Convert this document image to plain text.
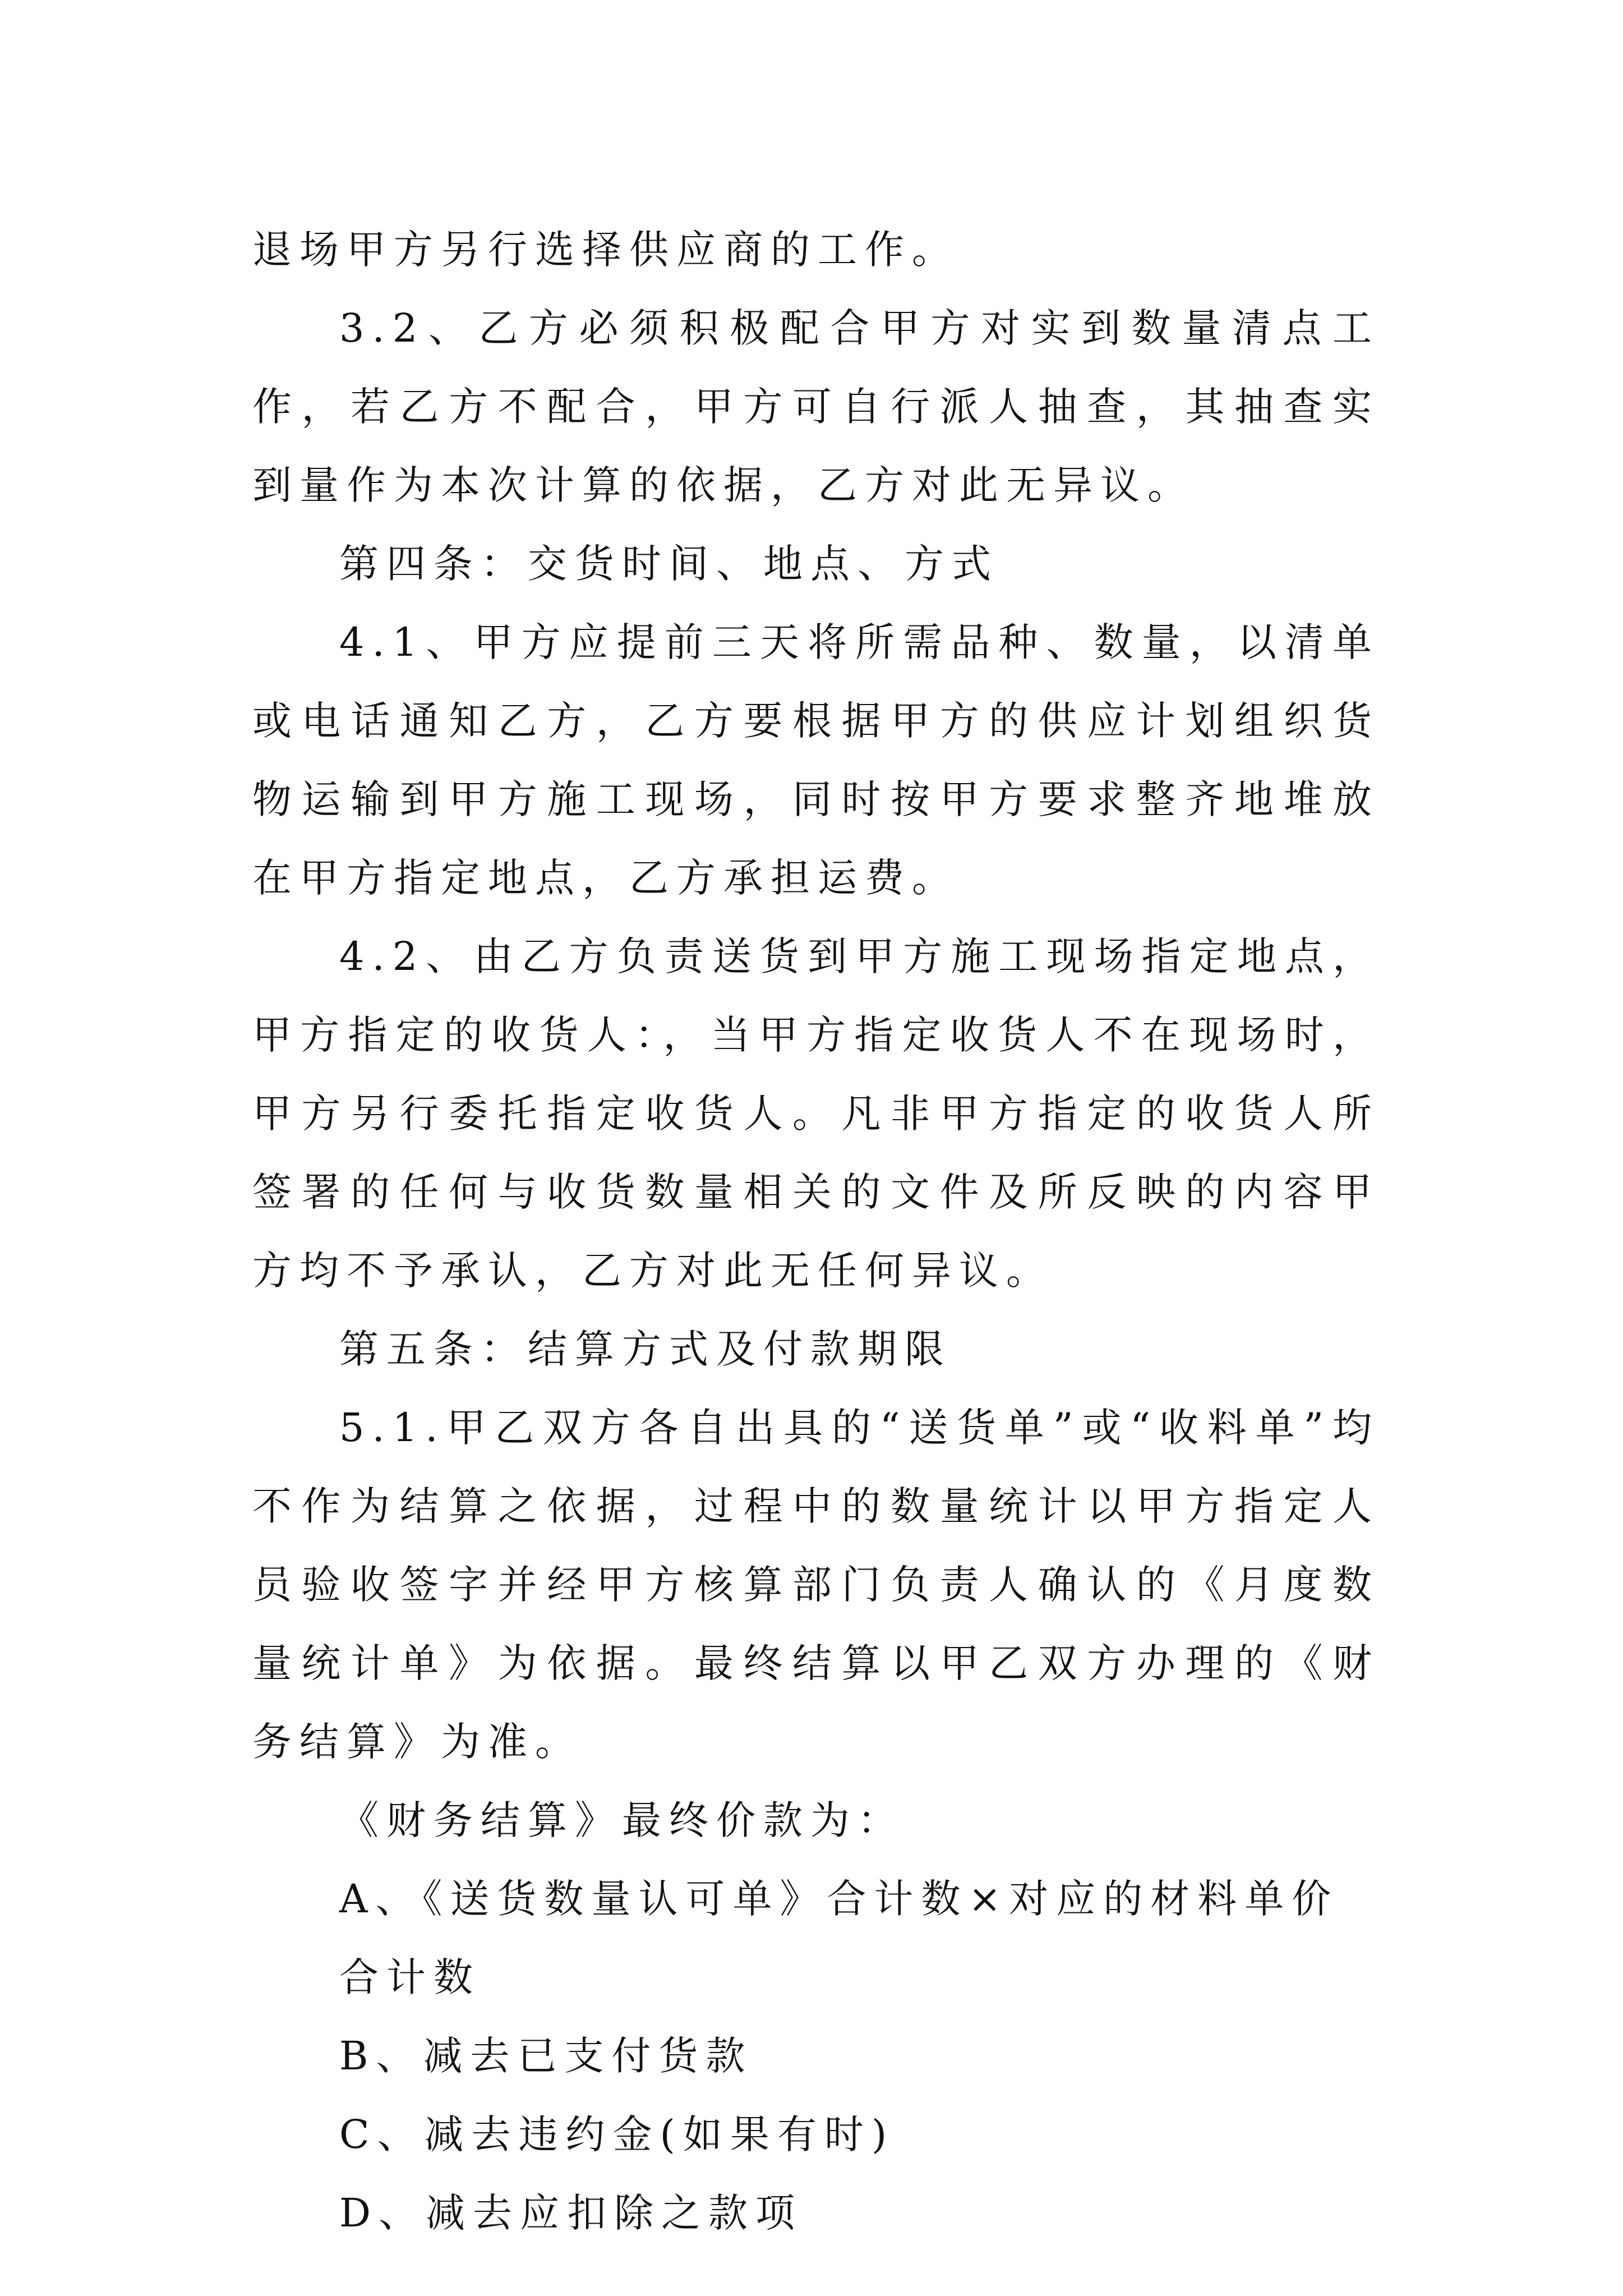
退场甲方另行选择供应商的工作。

3.2、乙方必须积极配合甲方对实到数量清点工作，若乙方不配合，甲方可自行派人抽查，其抽查实到量作为本次计算的依据，乙方对此无异议。

第四条：交货时间、地点、方式

4.1、甲方应提前三天将所需品种、数量，以清单或电话通知乙方，乙方要根据甲方的供应计划组织货物运输到甲方施工现场，同时按甲方要求整齐地堆放在甲方指定地点，乙方承担运费。

4.2、由乙方负责送货到甲方施工现场指定地点，甲方指定的收货人：，当甲方指定收货人不在现场时，甲方另行委托指定收货人。凡非甲方指定的收货人所签署的任何与收货数量相关的文件及所反映的内容甲方均不予承认，乙方对此无任何异议。

第五条：结算方式及付款期限

5.1.甲乙双方各自出具的“送货单”或“收料单”均不作为结算之依据，过程中的数量统计以甲方指定人员验收签字并经甲方核算部门负责人确认的《月度数量统计单》为依据。最终结算以甲乙双方办理的《财务结算》为准。

《财务结算》最终价款为：

A、《送货数量认可单》合计数×对应的材料单价合计数

B、减去已支付货款

C、减去违约金(如果有时)

D、减去应扣除之款项
